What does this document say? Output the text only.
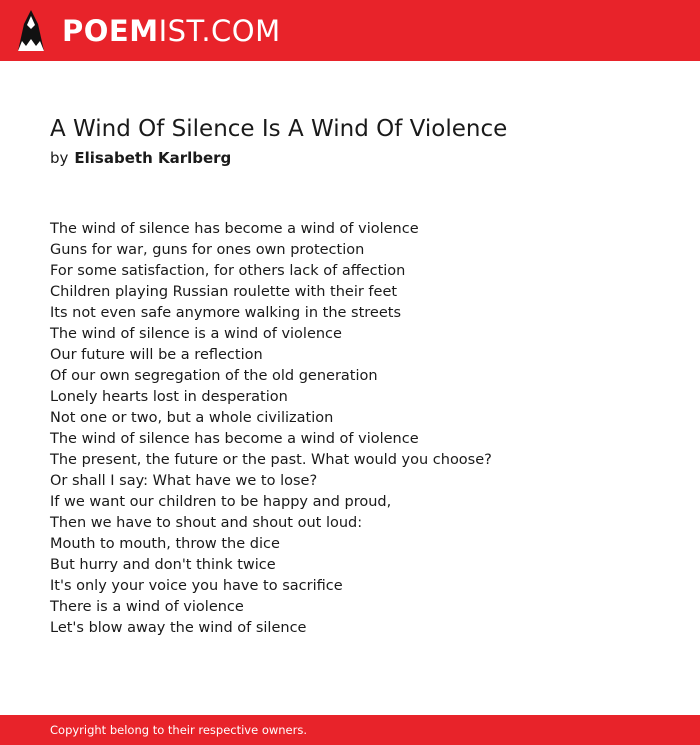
POEM IST.COM
A Wind Of Silence Is A Wind Of Violence
by Elisabeth Karlberg
The wind of silence has become a wind of violence
Guns for war, guns for ones own protection
For some satisfaction, for others lack of affection
Children playing Russian roulette with their feet
Its not even safe anymore walking in the streets
The wind of silence is a wind of violence
Our future will be a reflection
Of our own segregation of the old generation
Lonely hearts lost in desperation
Not one or two, but a whole civilization
The wind of silence has become a wind of violence
The present, the future or the past. What would you choose?
Or shall I say: What have we to lose?
If we want our children to be happy and proud,
Then we have to shout and shout out loud:
Mouth to mouth, throw the dice
But hurry and don't think twice
It's only your voice you have to sacrifice
There is a wind of violence
Let's blow away the wind of silence
Copyright belong to their respective owners.
